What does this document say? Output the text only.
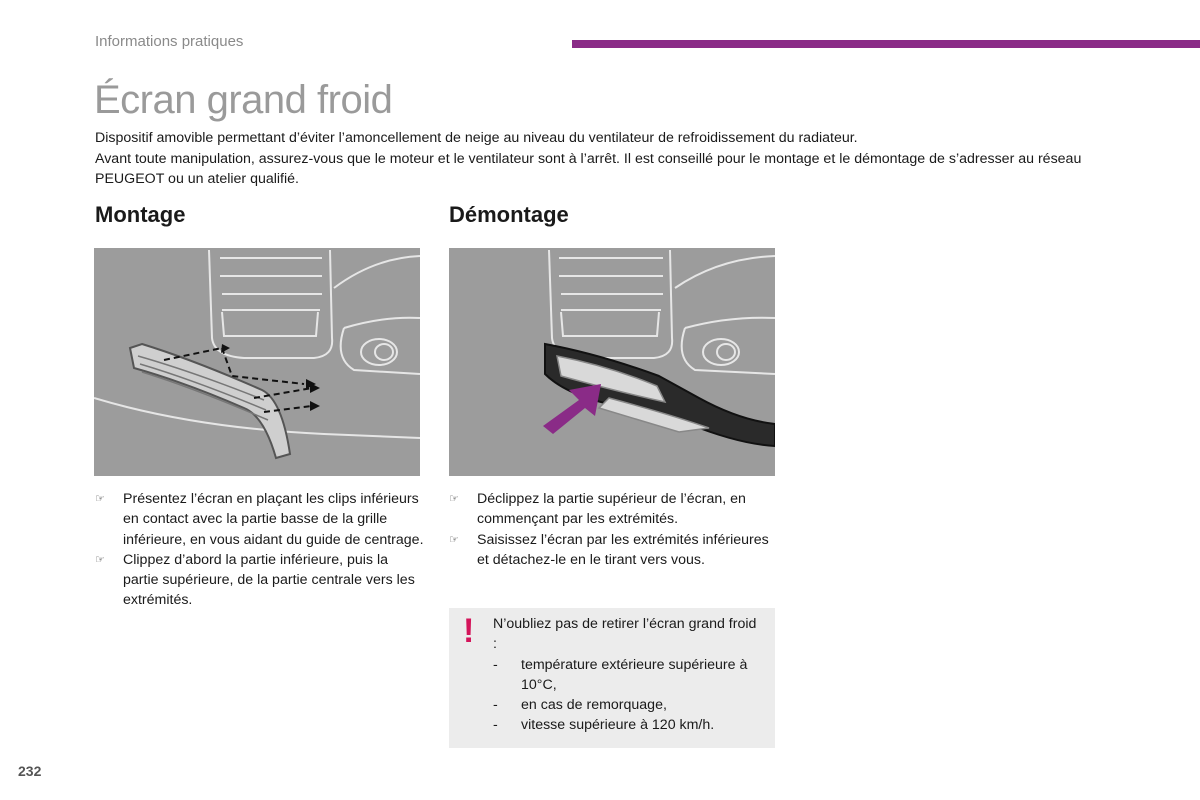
Informations pratiques
Écran grand froid

Dispositif amovible permettant d’éviter l’amoncellement de neige au niveau du ventilateur de refroidissement du radiateur.

Avant toute manipulation, assurez-vous que le moteur et le ventilateur sont à l’arrêt. Il est conseillé pour le montage et le démontage de s’adresser au réseau PEUGEOT ou un atelier qualifié.

Montage	Démontage
☞ Présentez l’écran en plaçant les clips inférieurs en contact avec la partie basse de la grille inférieure, en vous aidant du guide de centrage.
☞ Clippez d’abord la partie inférieure, puis la partie supérieure, de la partie centrale vers les extrémités.
☞ Déclippez la partie supérieur de l’écran, en commençant par les extrémités.
☞ Saisissez l’écran par les extrémités inférieures et détachez-le en le tirant vers vous.
! N’oubliez pas de retirer l’écran grand froid :
- température extérieure supérieure à 10°C,
- en cas de remorquage,
- vitesse supérieure à 120 km/h.
232
